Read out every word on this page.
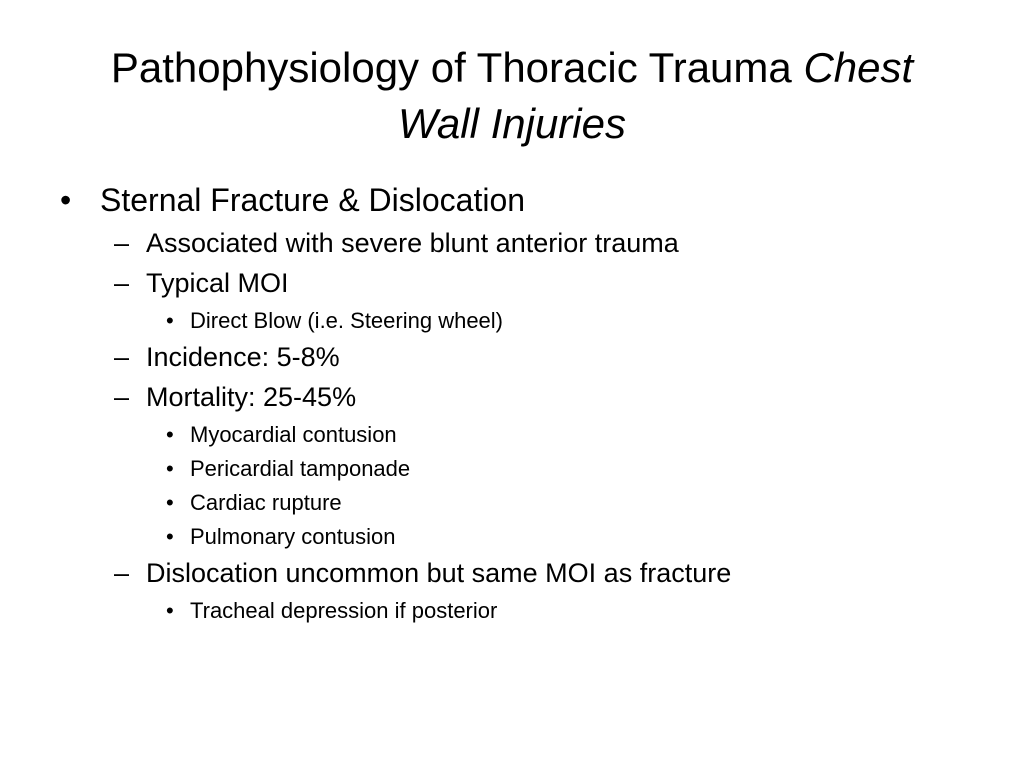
Pathophysiology of Thoracic Trauma Chest
Wall Injuries
• Sternal Fracture & Dislocation
– Associated with severe blunt anterior trauma
– Typical MOI
• Direct Blow (i.e. Steering wheel)
– Incidence: 5-8%
– Mortality: 25-45%
• Myocardial contusion
• Pericardial tamponade
• Cardiac rupture
• Pulmonary contusion
– Dislocation uncommon but same MOI as fracture
• Tracheal depression if posterior
